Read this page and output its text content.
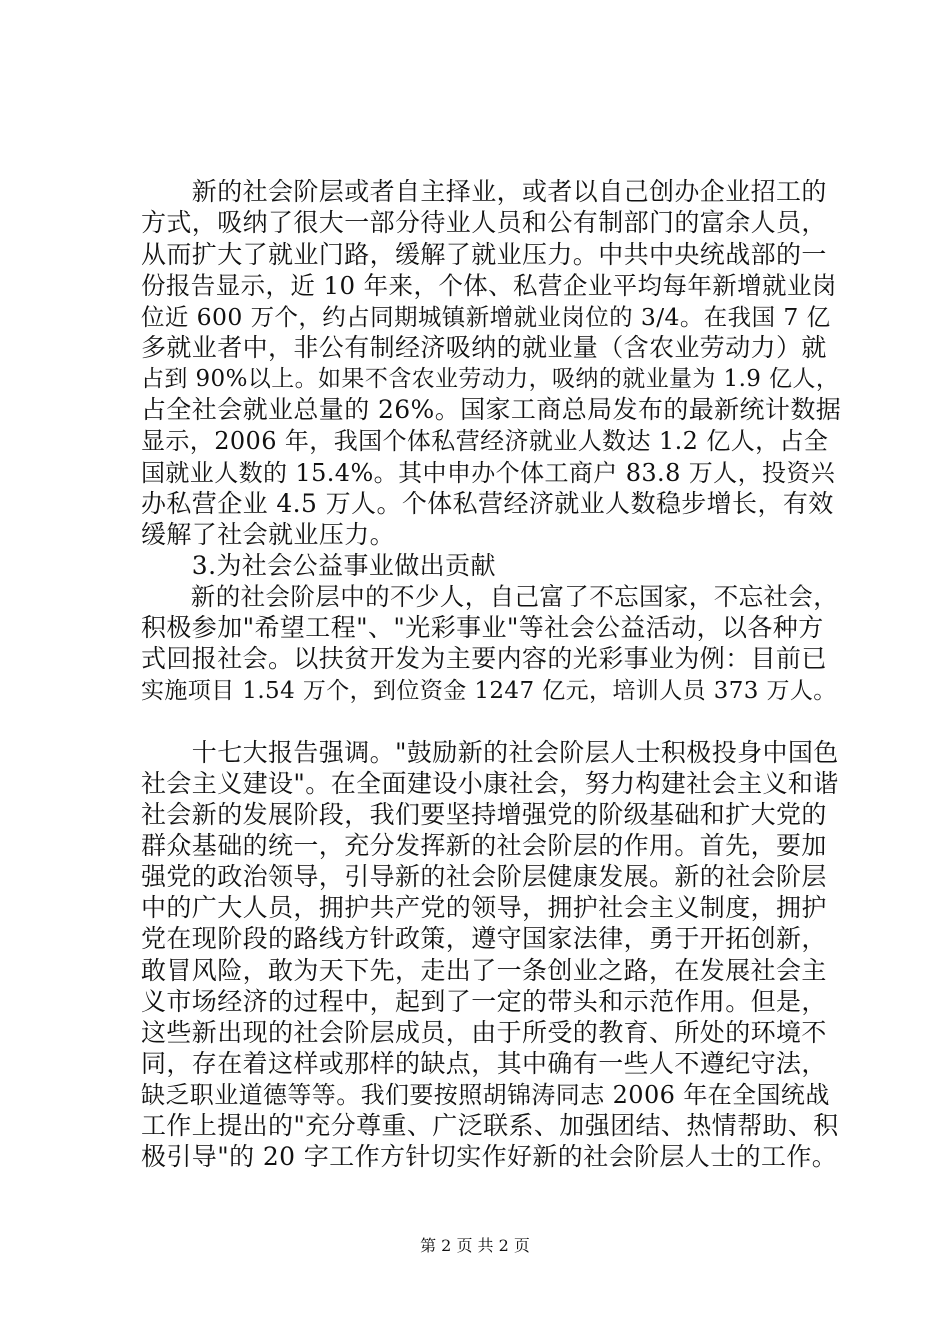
　　新的社会阶层或者自主择业，或者以自己创办企业招工的
方式，吸纳了很大一部分待业人员和公有制部门的富余人员，
从而扩大了就业门路，缓解了就业压力。中共中央统战部的一
份报告显示，近 10 年来，个体、私营企业平均每年新增就业岗
位近 600 万个，约占同期城镇新增就业岗位的 3/4。在我国 7 亿
多就业者中，非公有制经济吸纳的就业量（含农业劳动力）就
占到 90%以上。如果不含农业劳动力，吸纳的就业量为 1.9 亿人，
占全社会就业总量的 26%。国家工商总局发布的最新统计数据
显示，2006 年，我国个体私营经济就业人数达 1.2 亿人，占全
国就业人数的 15.4%。其中申办个体工商户 83.8 万人，投资兴
办私营企业 4.5 万人。个体私营经济就业人数稳步增长，有效
缓解了社会就业压力。
　　3.为社会公益事业做出贡献
　　新的社会阶层中的不少人，自己富了不忘国家，不忘社会，
积极参加"希望工程"、"光彩事业"等社会公益活动，以各种方
式回报社会。以扶贫开发为主要内容的光彩事业为例：目前已
实施项目 1.54 万个，到位资金 1247 亿元，培训人员 373 万人。
　　十七大报告强调。"鼓励新的社会阶层人士积极投身中国色
社会主义建设"。在全面建设小康社会，努力构建社会主义和谐
社会新的发展阶段，我们要坚持增强党的阶级基础和扩大党的
群众基础的统一，充分发挥新的社会阶层的作用。首先，要加
强党的政治领导，引导新的社会阶层健康发展。新的社会阶层
中的广大人员，拥护共产党的领导，拥护社会主义制度，拥护
党在现阶段的路线方针政策，遵守国家法律，勇于开拓创新，
敢冒风险，敢为天下先，走出了一条创业之路，在发展社会主
义市场经济的过程中，起到了一定的带头和示范作用。但是，
这些新出现的社会阶层成员，由于所受的教育、所处的环境不
同，存在着这样或那样的缺点，其中确有一些人不遵纪守法，
缺乏职业道德等等。我们要按照胡锦涛同志 2006 年在全国统战
工作上提出的"充分尊重、广泛联系、加强团结、热情帮助、积
极引导"的 20 字工作方针切实作好新的社会阶层人士的工作。
第 2 页 共 2 页
